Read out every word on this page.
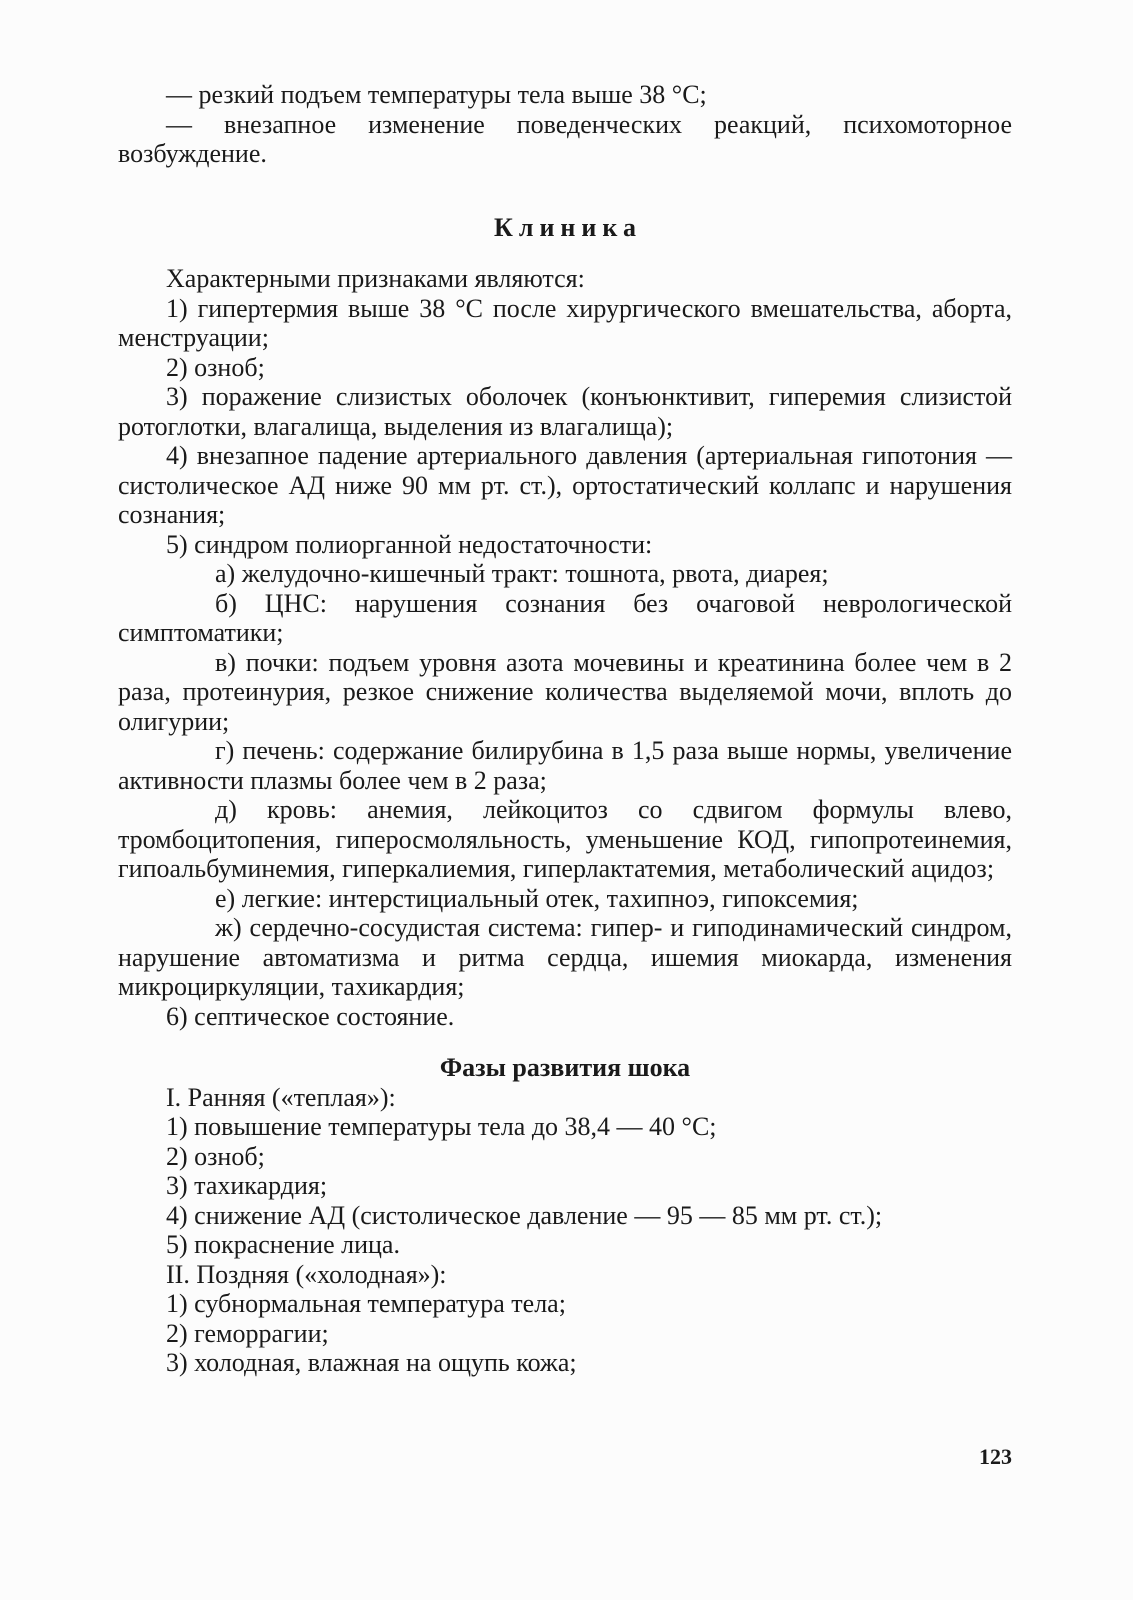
— резкий подъем температуры тела выше 38 °С;

— внезапное изменение поведенческих реакций, психомоторное возбуждение.

Клиника

Характерными признаками являются:

1) гипертермия выше 38 °С после хирургического вмешательства, аборта, менструации;

2) озноб;

3) поражение слизистых оболочек (конъюнктивит, гиперемия слизистой ротоглотки, влагалища, выделения из влагалища);

4) внезапное падение артериального давления (артериальная гипотония — систолическое АД ниже 90 мм рт. ст.), ортостатический коллапс и нарушения сознания;

5) синдром полиорганной недостаточности:

а) желудочно-кишечный тракт: тошнота, рвота, диарея;

б) ЦНС: нарушения сознания без очаговой неврологической симптоматики;

в) почки: подъем уровня азота мочевины и креатинина более чем в 2 раза, протеинурия, резкое снижение количества выделяемой мочи, вплоть до олигурии;

г) печень: содержание билирубина в 1,5 раза выше нормы, увеличение активности плазмы более чем в 2 раза;

д) кровь: анемия, лейкоцитоз со сдвигом формулы влево, тромбоцитопения, гиперосмоляльность, уменьшение КОД, гипопротеинемия, гипоальбуминемия, гиперкалиемия, гиперлактатемия, метаболический ацидоз;

е) легкие: интерстициальный отек, тахипноэ, гипоксемия;

ж) сердечно-сосудистая система: гипер- и гиподинамический синдром, нарушение автоматизма и ритма сердца, ишемия миокарда, изменения микроциркуляции, тахикардия;

6) септическое состояние.

Фазы развития шока

I. Ранняя («теплая»):

1) повышение температуры тела до 38,4 — 40 °С;

2) озноб;

3) тахикардия;

4) снижение АД (систолическое давление — 95 — 85 мм рт. ст.);

5) покраснение лица.

II. Поздняя («холодная»):

1) субнормальная температура тела;

2) геморрагии;

3) холодная, влажная на ощупь кожа;

123
